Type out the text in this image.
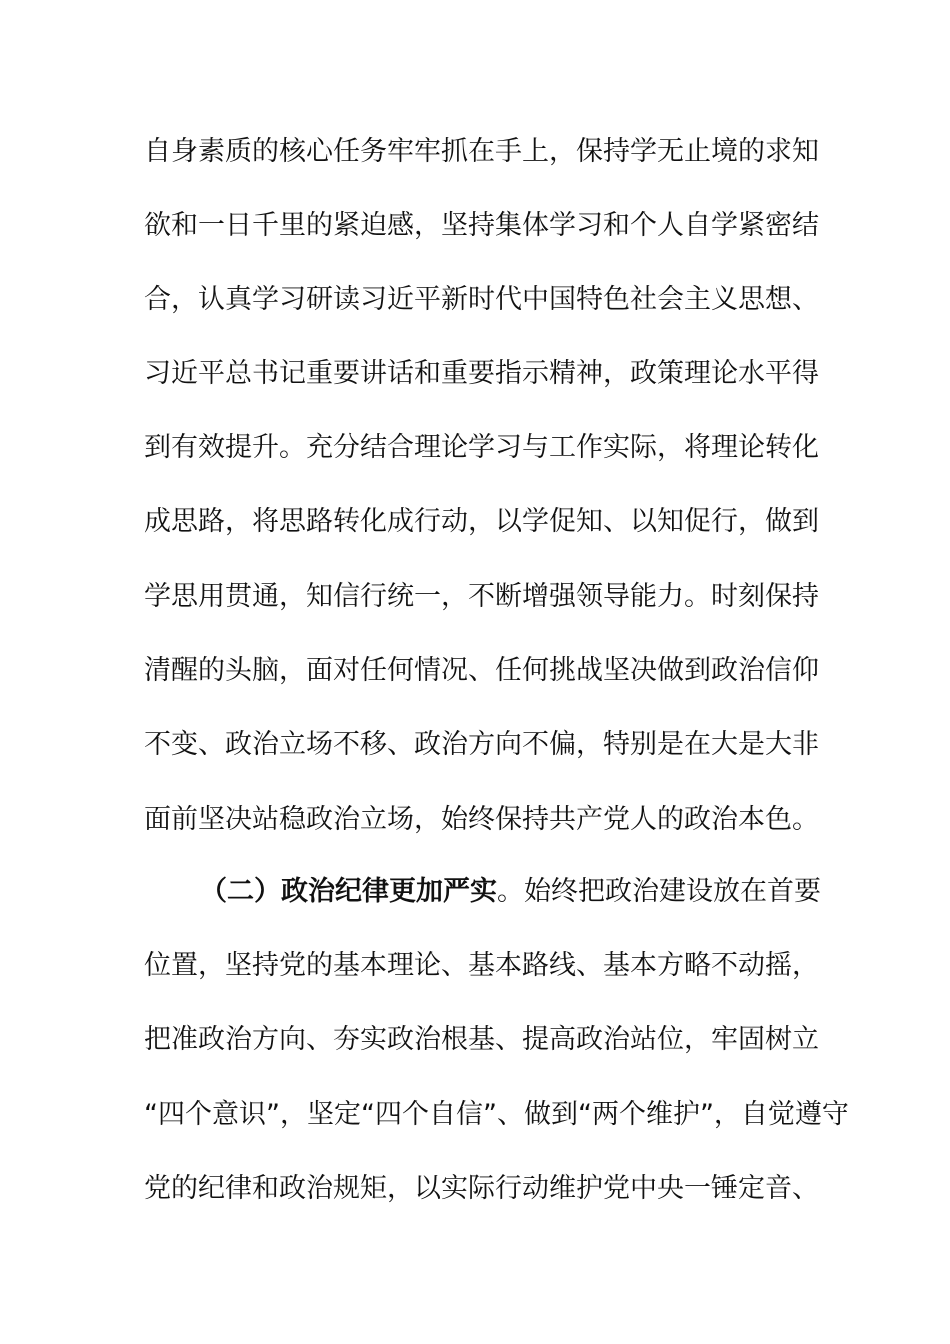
自身素质的核心任务牢牢抓在手上，保持学无止境的求知
欲和一日千里的紧迫感，坚持集体学习和个人自学紧密结
合，认真学习研读习近平新时代中国特色社会主义思想、
习近平总书记重要讲话和重要指示精神，政策理论水平得
到有效提升。充分结合理论学习与工作实际，将理论转化
成思路，将思路转化成行动，以学促知、以知促行，做到
学思用贯通，知信行统一，不断增强领导能力。时刻保持
清醒的头脑，面对任何情况、任何挑战坚决做到政治信仰
不变、政治立场不移、政治方向不偏，特别是在大是大非
面前坚决站稳政治立场，始终保持共产党人的政治本色。
（二）政治纪律更加严实。始终把政治建设放在首要
位置，坚持党的基本理论、基本路线、基本方略不动摇，
把准政治方向、夯实政治根基、提高政治站位，牢固树立
“四个意识”，坚定“四个自信”、做到“两个维护”，自觉遵守
党的纪律和政治规矩，以实际行动维护党中央一锤定音、
